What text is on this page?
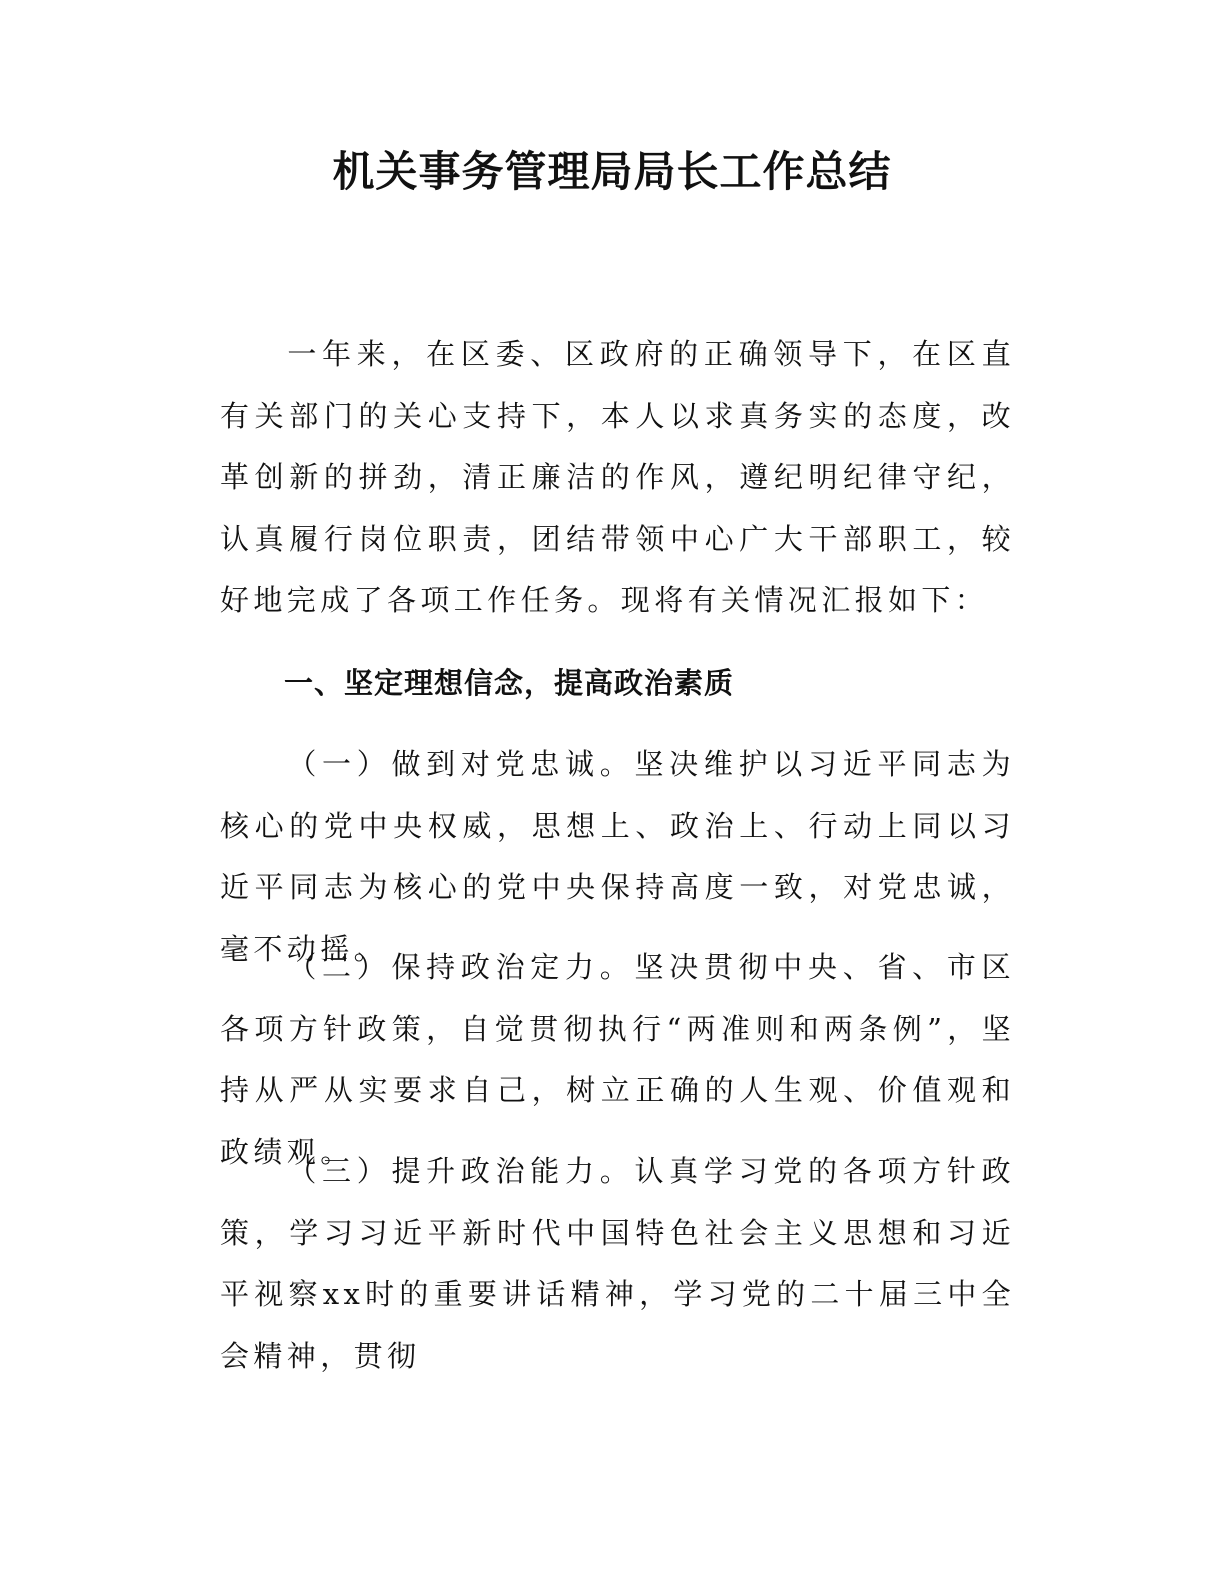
机关事务管理局局长工作总结

一年来，在区委、区政府的正确领导下，在区直有关部门的关心支持下，本人以求真务实的态度，改革创新的拼劲，清正廉洁的作风，遵纪明纪律守纪，认真履行岗位职责，团结带领中心广大干部职工，较好地完成了各项工作任务。现将有关情况汇报如下：

一、坚定理想信念，提高政治素质

（一）做到对党忠诚。坚决维护以习近平同志为核心的党中央权威，思想上、政治上、行动上同以习近平同志为核心的党中央保持高度一致，对党忠诚，毫不动摇。

（二）保持政治定力。坚决贯彻中央、省、市区各项方针政策，自觉贯彻执行“两准则和两条例”，坚持从严从实要求自己，树立正确的人生观、价值观和政绩观。

（三）提升政治能力。认真学习党的各项方针政策，学习习近平新时代中国特色社会主义思想和习近平视察xx时的重要讲话精神，学习党的二十届三中全会精神，贯彻
